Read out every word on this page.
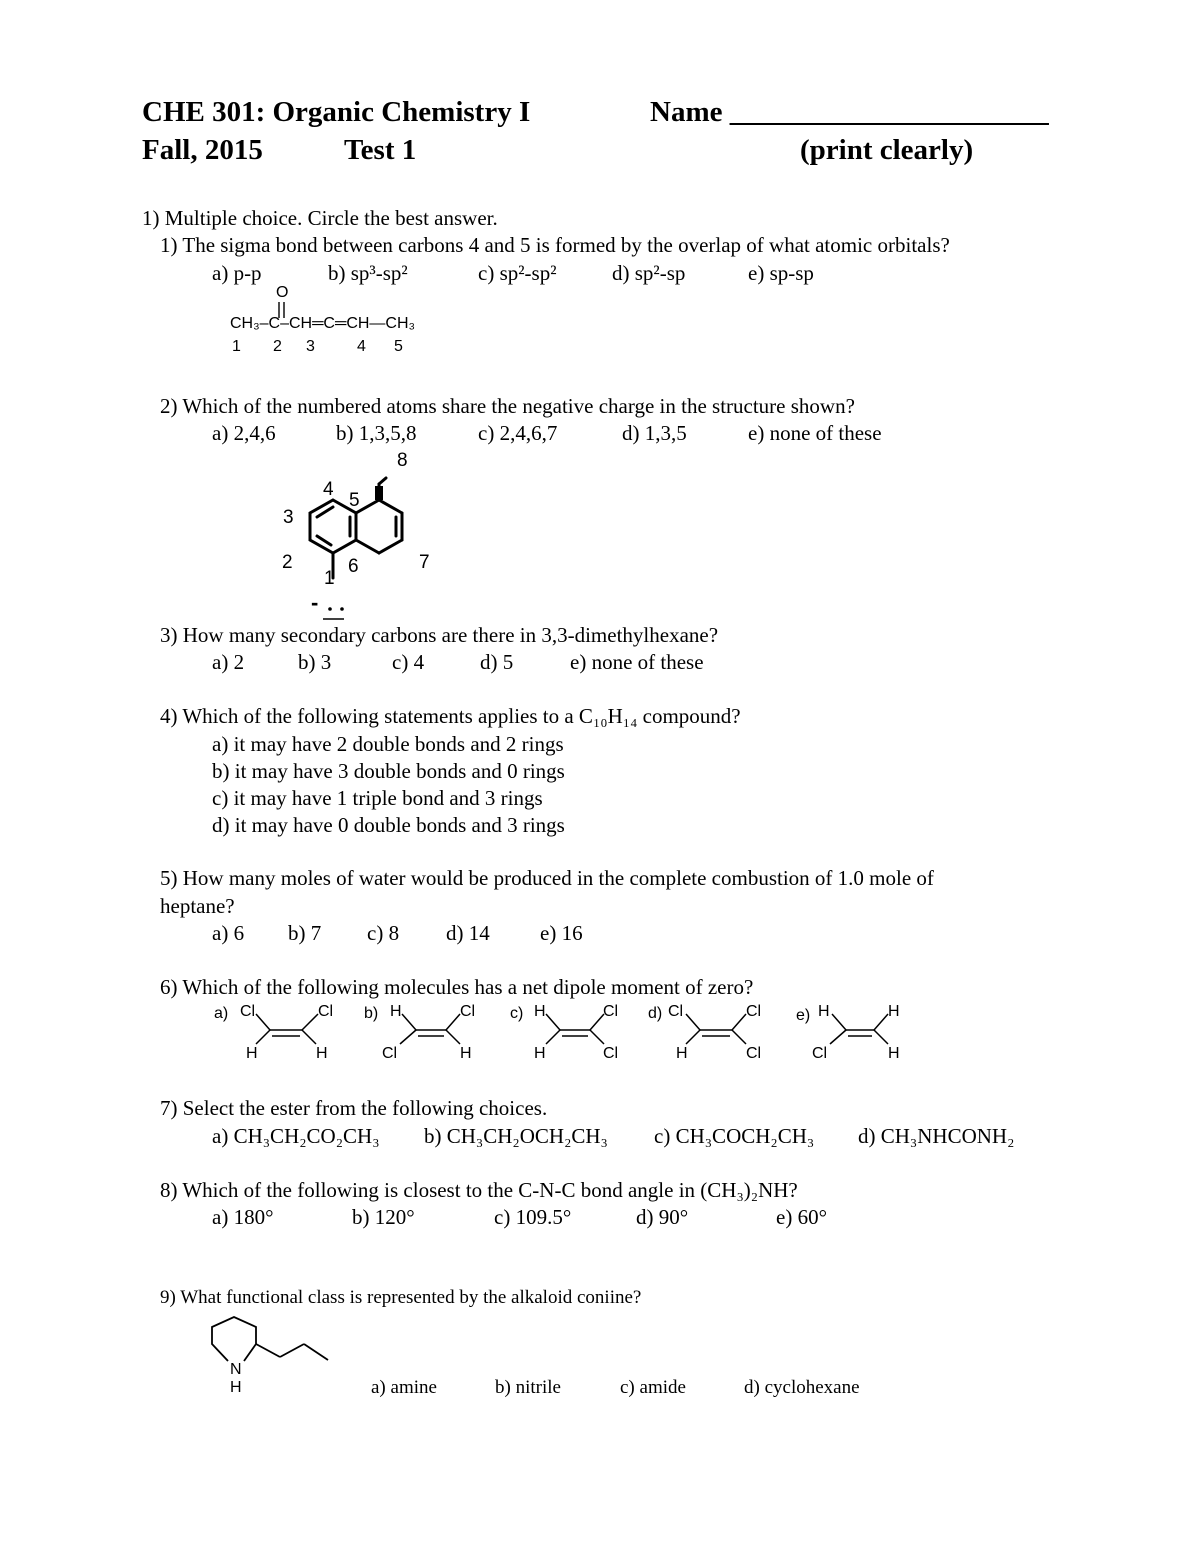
CHE 301: Organic Chemistry I	Name ______________________
Fall, 2015	Test 1	(print clearly)
1) Multiple choice. Circle the best answer.
1) The sigma bond between carbons 4 and 5 is formed by the overlap of what atomic orbitals?
a) p-p	b) sp³-sp²	c) sp²-sp²	d) sp²-sp	e) sp-sp
O
CH₃–C–CH═C═CH—CH₃
1 2 3	4 5
2) Which of the numbered atoms share the negative charge in the structure shown?
a) 2,4,6	b) 1,3,5,8	c) 2,4,6,7	d) 1,3,5	e) none of these
1
2
3
4
5
6	7
8
-
3) How many secondary carbons are there in 3,3-dimethylhexane?
a) 2	b) 3	c) 4	d) 5	e) none of these
4) Which of the following statements applies to a C₁₀H₁₄ compound?
a) it may have 2 double bonds and 2 rings
b) it may have 3 double bonds and 0 rings
c) it may have 1 triple bond and 3 rings
d) it may have 0 double bonds and 3 rings
5) How many moles of water would be produced in the complete combustion of 1.0 mole of
heptane?
a) 6 b) 7 c) 8 d) 14 e) 16
6) Which of the following molecules has a net dipole moment of zero?
a) Cl	Cl
H	H
b) H	Cl
Cl	H
c) H	Cl
H	Cl
d) Cl	Cl
H	Cl
e) H	H
Cl	H
7) Select the ester from the following choices.
a) CH₃CH₂CO₂CH₃ b) CH₃CH₂OCH₂CH₃ c) CH₃COCH₂CH₃ d) CH₃NHCONH₂
8) Which of the following is closest to the C-N-C bond angle in (CH₃)₂NH?
a) 180°	b) 120°	c) 109.5°	d) 90°	e) 60°
9) What functional class is represented by the alkaloid coniine?
N
H	a) amine	b) nitrile	c) amide	d) cyclohexane
